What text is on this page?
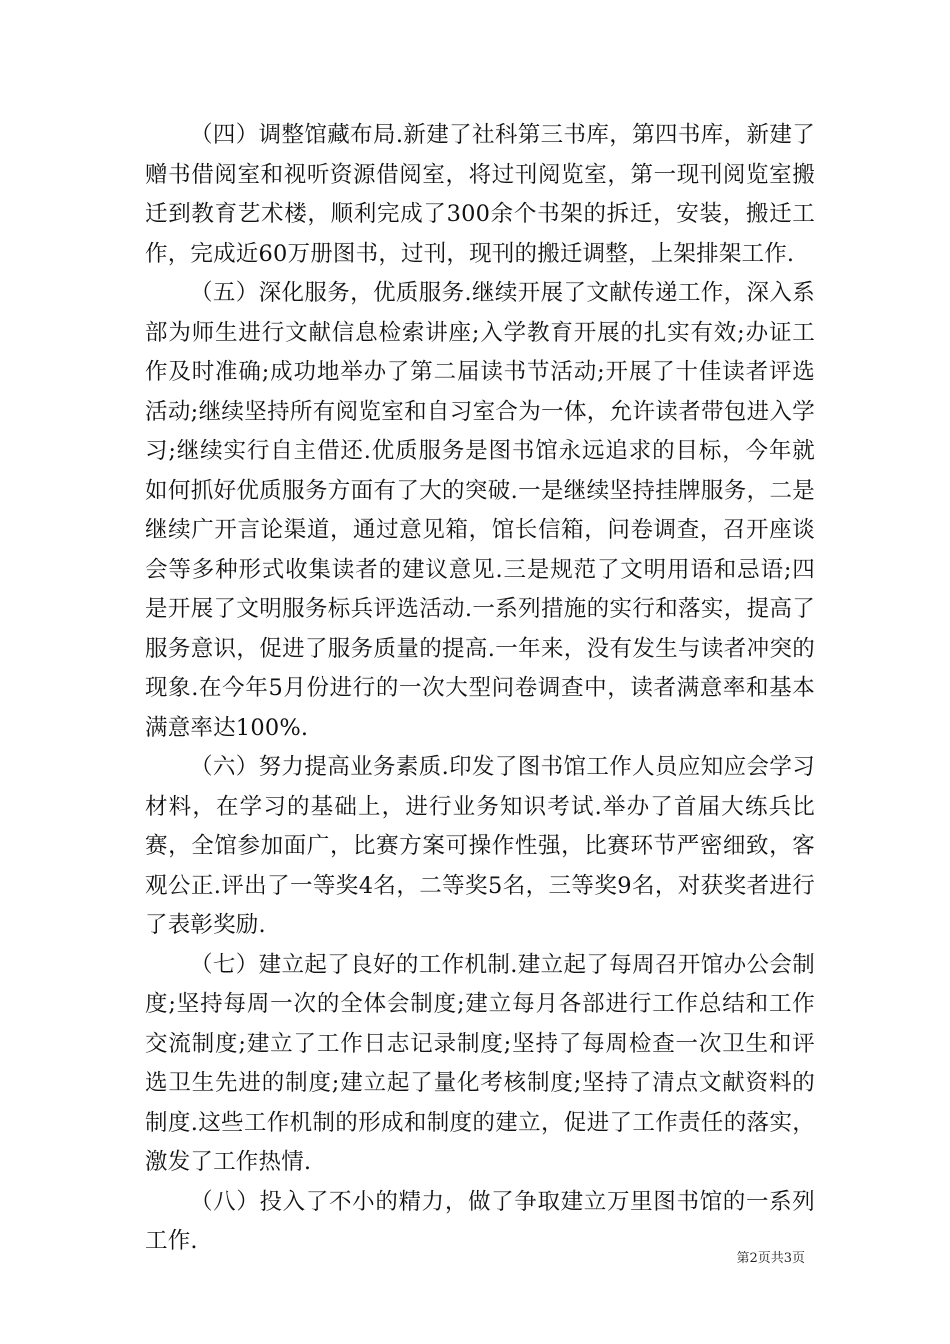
（四）调整馆藏布局.新建了社科第三书库，第四书库，新建了赠书借阅室和视听资源借阅室，将过刊阅览室，第一现刊阅览室搬迁到教育艺术楼，顺利完成了300余个书架的拆迁，安装，搬迁工作，完成近60万册图书，过刊，现刊的搬迁调整，上架排架工作.

（五）深化服务，优质服务.继续开展了文献传递工作，深入系部为师生进行文献信息检索讲座;入学教育开展的扎实有效;办证工作及时准确;成功地举办了第二届读书节活动;开展了十佳读者评选活动;继续坚持所有阅览室和自习室合为一体，允许读者带包进入学习;继续实行自主借还.优质服务是图书馆永远追求的目标，今年就如何抓好优质服务方面有了大的突破.一是继续坚持挂牌服务，二是继续广开言论渠道，通过意见箱，馆长信箱，问卷调查，召开座谈会等多种形式收集读者的建议意见.三是规范了文明用语和忌语;四是开展了文明服务标兵评选活动.一系列措施的实行和落实，提高了服务意识，促进了服务质量的提高.一年来，没有发生与读者冲突的现象.在今年5月份进行的一次大型问卷调查中，读者满意率和基本满意率达100%.

（六）努力提高业务素质.印发了图书馆工作人员应知应会学习材料，在学习的基础上，进行业务知识考试.举办了首届大练兵比赛，全馆参加面广，比赛方案可操作性强，比赛环节严密细致，客观公正.评出了一等奖4名，二等奖5名，三等奖9名，对获奖者进行了表彰奖励.

（七）建立起了良好的工作机制.建立起了每周召开馆办公会制度;坚持每周一次的全体会制度;建立每月各部进行工作总结和工作交流制度;建立了工作日志记录制度;坚持了每周检查一次卫生和评选卫生先进的制度;建立起了量化考核制度;坚持了清点文献资料的制度.这些工作机制的形成和制度的建立，促进了工作责任的落实，激发了工作热情.

（八）投入了不小的精力，做了争取建立万里图书馆的一系列工作.

第2页共3页
